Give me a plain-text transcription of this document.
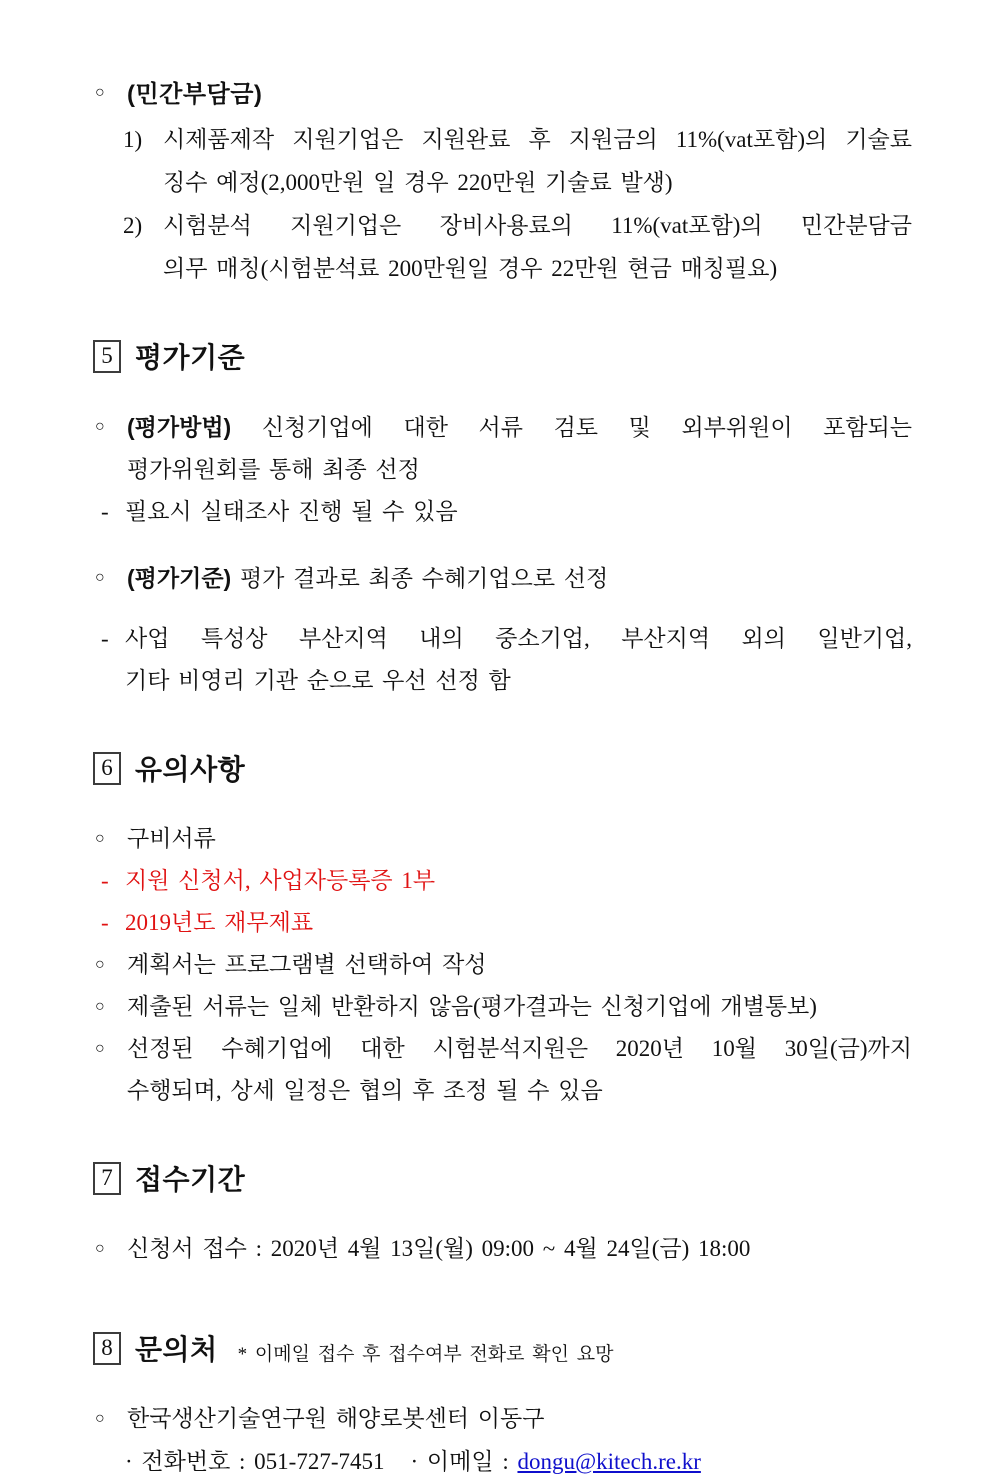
○ (민간부담금)
1) 시제품제작 지원기업은 지원완료 후 지원금의 11%(vat포함)의 기술료
징수 예정(2,000만원 일 경우 220만원 기술료 발생)
2) 시험분석 지원기업은 장비사용료의 11%(vat포함)의 민간분담금
의무 매칭(시험분석료 200만원일 경우 22만원 현금 매칭필요)
5 평가기준
○ (평가방법) 신청기업에 대한 서류 검토 및 외부위원이 포함되는
평가위원회를 통해 최종 선정
- 필요시 실태조사 진행 될 수 있음
○ (평가기준) 평가 결과로 최종 수혜기업으로 선정
- 사업 특성상 부산지역 내의 중소기업, 부산지역 외의 일반기업,
기타 비영리 기관 순으로 우선 선정 함
6 유의사항
○ 구비서류
- 지원 신청서, 사업자등록증 1부
- 2019년도 재무제표
○ 계획서는 프로그램별 선택하여 작성
○ 제출된 서류는 일체 반환하지 않음(평가결과는 신청기업에 개별통보)
○ 선정된 수혜기업에 대한 시험분석지원은 2020년 10월 30일(금)까지
수행되며, 상세 일정은 협의 후 조정 될 수 있음
7 접수기간
○ 신청서 접수 : 2020년 4월 13일(월) 09:00 ~ 4월 24일(금) 18:00
8 문의처 * 이메일 접수 후 접수여부 전화로 확인 요망
○ 한국생산기술연구원 해양로봇센터 이동구
· 전화번호 : 051-727-7451 · 이메일 : dongu@kitech.re.kr
